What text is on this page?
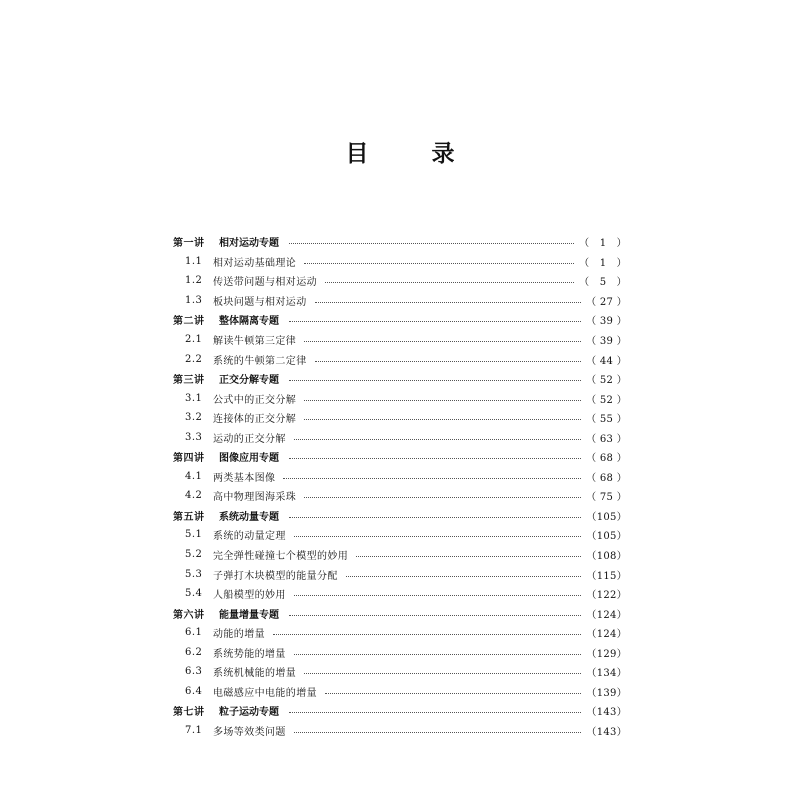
目　录
第一讲	相对运动专题	（　1　）
1.1	相对运动基础理论	（　1　）
1.2	传送带问题与相对运动	（　5　）
1.3	板块问题与相对运动	（ 27 ）
第二讲	整体隔离专题	（ 39 ）
2.1	解读牛顿第三定律	（ 39 ）
2.2	系统的牛顿第二定律	（ 44 ）
第三讲	正交分解专题	（ 52 ）
3.1	公式中的正交分解	（ 52 ）
3.2	连接体的正交分解	（ 55 ）
3.3	运动的正交分解	（ 63 ）
第四讲	图像应用专题	（ 68 ）
4.1	两类基本图像	（ 68 ）
4.2	高中物理图海采珠	（ 75 ）
第五讲	系统动量专题	（105）
5.1	系统的动量定理	（105）
5.2	完全弹性碰撞七个模型的妙用	（108）
5.3	子弹打木块模型的能量分配	（115）
5.4	人船模型的妙用	（122）
第六讲	能量增量专题	（124）
6.1	动能的增量	（124）
6.2	系统势能的增量	（129）
6.3	系统机械能的增量	（134）
6.4	电磁感应中电能的增量	（139）
第七讲	粒子运动专题	（143）
7.1	多场等效类问题	（143）
